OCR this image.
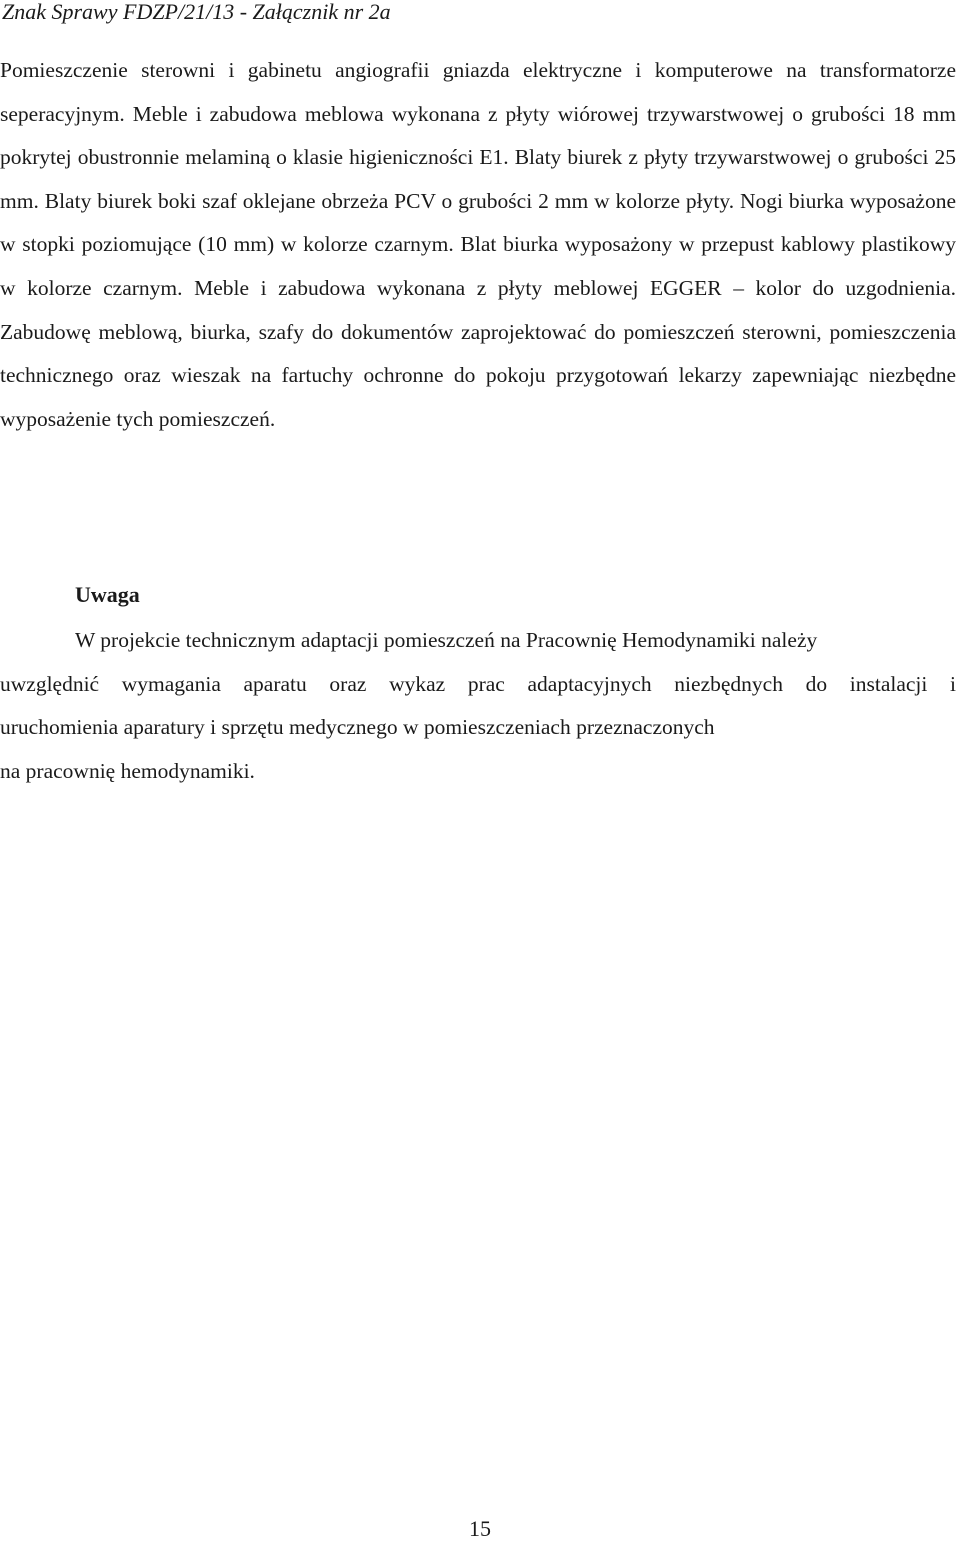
Znak Sprawy FDZP/21/13 - Załącznik nr 2a

Pomieszczenie sterowni i gabinetu angiografii gniazda elektryczne i komputerowe na transformatorze seperacyjnym. Meble i zabudowa meblowa wykonana z płyty wiórowej trzywarstwowej o grubości 18 mm pokrytej obustronnie melaminą o klasie higieniczności E1. Blaty biurek z płyty trzywarstwowej o grubości 25 mm. Blaty biurek boki szaf oklejane obrzeża PCV o grubości 2 mm w kolorze płyty. Nogi biurka wyposażone w stopki poziomujące (10 mm) w kolorze czarnym. Blat biurka wyposażony w przepust kablowy plastikowy w kolorze czarnym. Meble i zabudowa wykonana z płyty meblowej EGGER – kolor do uzgodnienia. Zabudowę meblową, biurka, szafy do dokumentów zaprojektować do pomieszczeń sterowni, pomieszczenia technicznego oraz wieszak na fartuchy ochronne do pokoju przygotowań lekarzy zapewniając niezbędne wyposażenie tych pomieszczeń.

Uwaga
W projekcie technicznym adaptacji pomieszczeń na Pracownię Hemodynamiki należy
uwzględnić wymagania aparatu oraz wykaz prac adaptacyjnych niezbędnych do instalacji i
uruchomienia aparatury i sprzętu medycznego w pomieszczeniach przeznaczonych
na pracownię hemodynamiki.

15
